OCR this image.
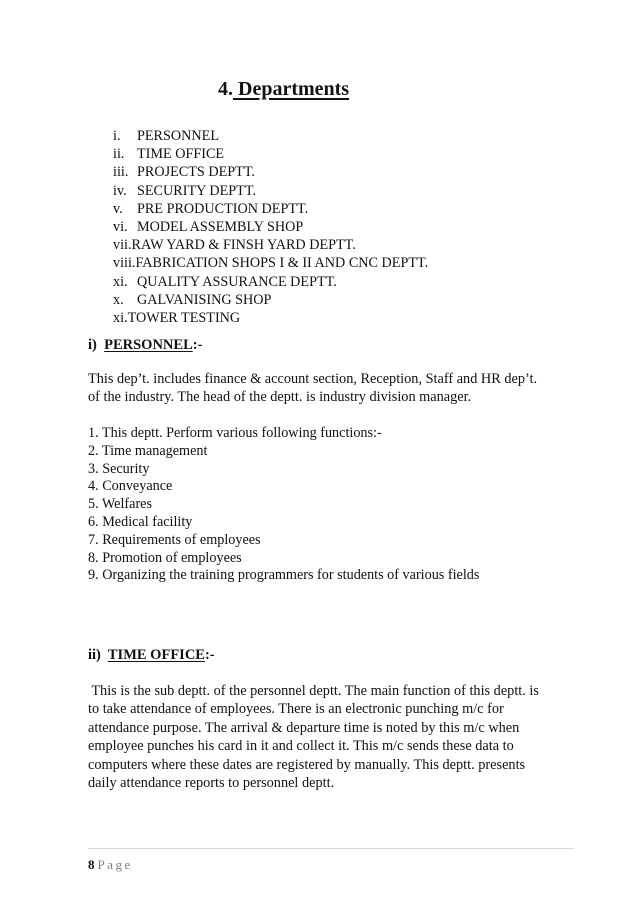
4. Departments
i. PERSONNEL
ii. TIME OFFICE
iii. PROJECTS DEPTT.
iv. SECURITY DEPTT.
v. PRE PRODUCTION DEPTT.
vi. MODEL ASSEMBLY SHOP
vii.RAW YARD & FINSH YARD DEPTT.
viii.FABRICATION SHOPS I & II AND CNC DEPTT.
xi. QUALITY ASSURANCE DEPTT.
x. GALVANISING SHOP
xi.TOWER TESTING
i) PERSONNEL:-
This dep’t. includes finance & account section, Reception, Staff and HR dep’t.
of the industry. The head of the deptt. is industry division manager.
1. This deptt. Perform various following functions:-
2. Time management
3. Security
4. Conveyance
5. Welfares
6. Medical facility
7. Requirements of employees
8. Promotion of employees
9. Organizing the training programmers for students of various fields
ii) TIME OFFICE:-
This is the sub deptt. of the personnel deptt. The main function of this deptt. is
to take attendance of employees. There is an electronic punching m/c for
attendance purpose. The arrival & departure time is noted by this m/c when
employee punches his card in it and collect it. This m/c sends these data to
computers where these dates are registered by manually. This deptt. presents
daily attendance reports to personnel deptt.
8 Page
